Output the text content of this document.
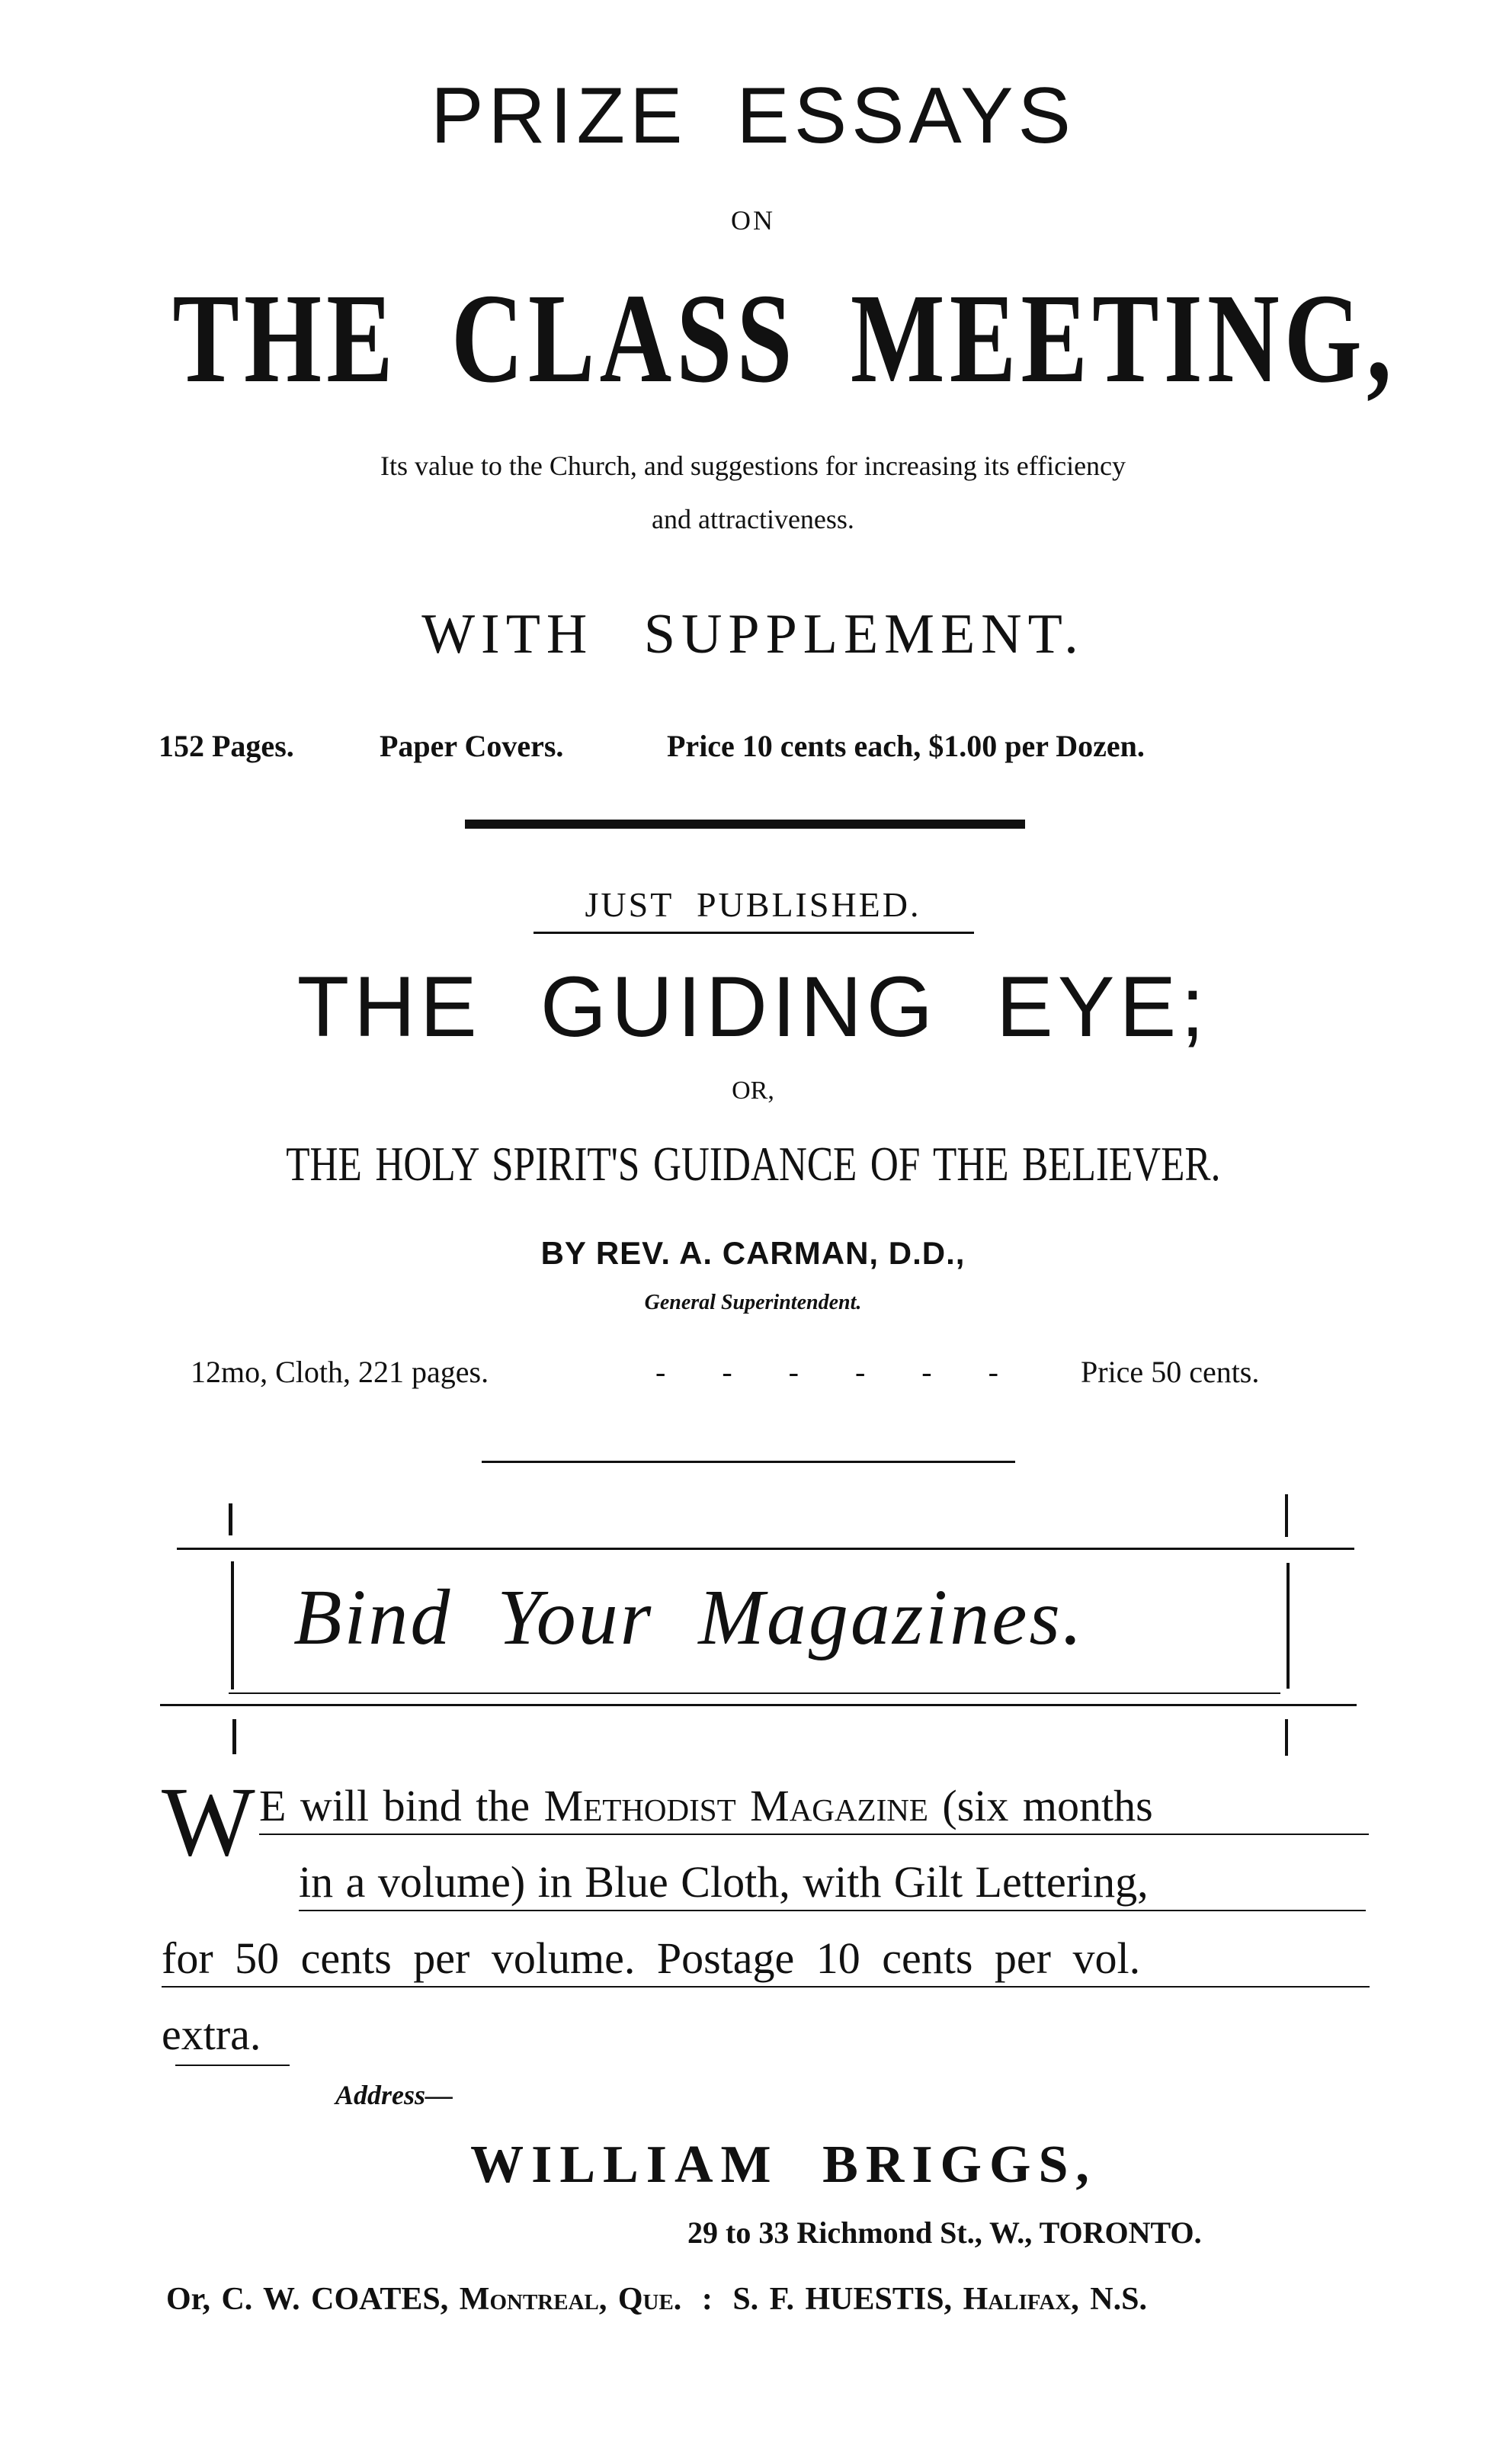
PRIZE ESSAYS
ON
THE CLASS MEETING,
Its value to the Church, and suggestions for increasing its efficiency
and attractiveness.
WITH SUPPLEMENT.
152 Pages.	Paper Covers.	Price 10 cents each, $1.00 per Dozen.
JUST PUBLISHED.
THE GUIDING EYE;
OR,
THE HOLY SPIRIT'S GUIDANCE OF THE BELIEVER.
BY REV. A. CARMAN, D.D.,
General Superintendent.
12mo, Cloth, 221 pages.	-  -  -  -  -  - Price 50 cents.
Bind Your Magazines.
W E will bind the Methodist Magazine (six months
in a volume) in Blue Cloth, with Gilt Lettering,
for 50 cents per volume. Postage 10 cents per vol.
extra.
Address—
WILLIAM BRIGGS,
29 to 33 Richmond St., W., TORONTO.
Or, C. W. COATES, Montreal, Que. : S. F. HUESTIS, Halifax, N.S.
